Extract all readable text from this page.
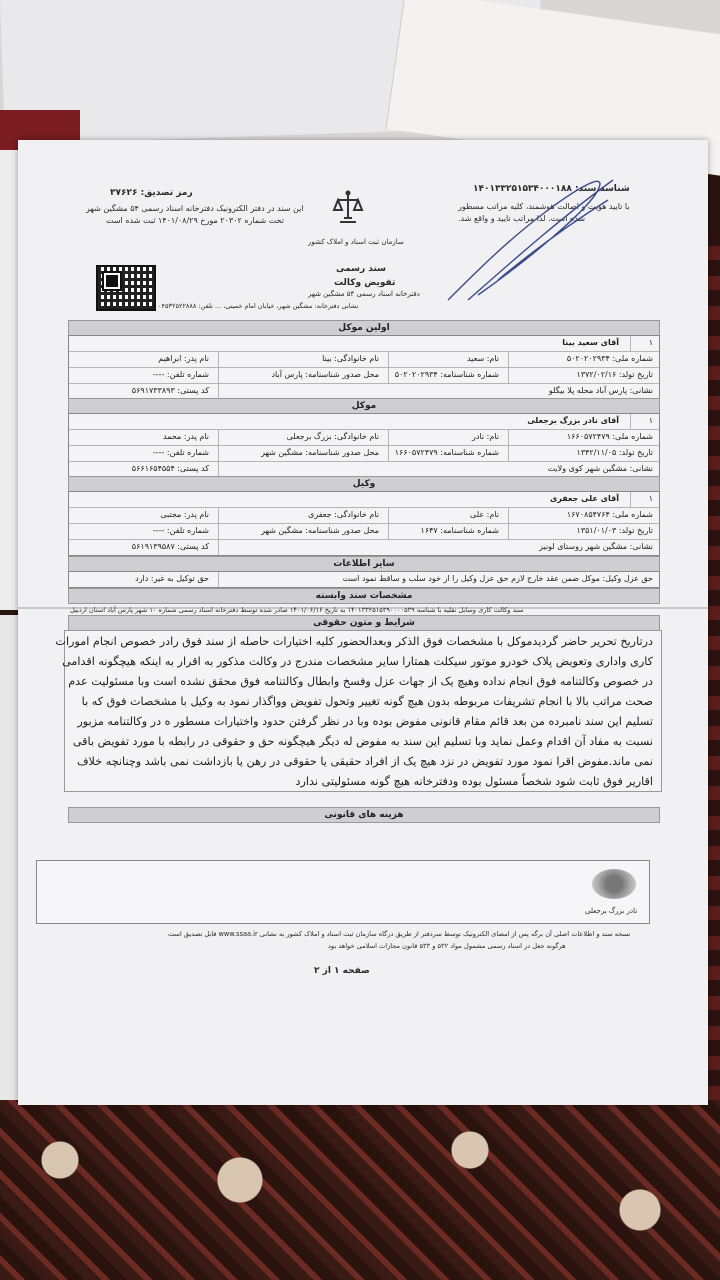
رمز تصدیق: ۳۷۶۲۶
این سند در دفتر الکترونیک دفترخانه اسناد رسمی ۵۴ مشگین شهر
تحت شماره ۲۰۳۰۲ مورخ ۱۴۰۱/۰۸/۲۹ ثبت شده است
شناسه سند: ۱۴۰۱۳۳۲۵۱۵۳۴۰۰۰۱۸۸
با تایید هویت و اصالت هوشمند، کلیه مراتب مسطور
شده است. لذا مراتب تایید و واقع شد.
سازمان ثبت اسناد و املاک کشور
سند رسمی
تفویض وکالت
دفترخانه اسناد رسمی ۵۴ مشگین شهر
نشانی دفترخانه: مشگین شهر، خیابان امام خمینی، ... تلفن: ۰۴۵۳۲۵۲۲۸۸۸
اولین موکل
آقای سعید بینا	۱
شماره ملی: ۵۰۲۰۲۰۲۹۳۴
نام: سعید
نام خانوادگی: بینا
نام پدر: ابراهیم
تاریخ تولد: ۱۳۷۲/۰۲/۱۶
شماره شناسنامه: ۵۰۲۰۲۰۲۹۳۴
محل صدور شناسنامه: پارس آباد
شماره تلفن: ----
نشانی: پارس آباد محله پلا بیگلو
کد پستی: ۵۶۹۱۷۳۳۸۹۳
موکل
آقای نادر بزرگ برجعلی	۱
شماره ملی: ۱۶۶۰۵۷۲۴۷۹
نام: نادر
نام خانوادگی: بزرگ برجعلی
نام پدر: محمد
تاریخ تولد: ۱۳۴۲/۱۱/۰۵
شماره شناسنامه: ۱۶۶۰۵۷۲۴۷۹
محل صدور شناسنامه: مشگین شهر
شماره تلفن: ----
نشانی: مشگین شهر کوی ولایت
کد پستی: ۵۶۶۱۶۵۴۵۵۴
وکیل
آقای علی جعفری	۱
شماره ملی: ۱۶۷۰۸۵۴۷۶۴
نام: علی
نام خانوادگی: جعفری
نام پدر: مجتبی
تاریخ تولد: ۱۳۵۱/۰۱/۰۳
شماره شناسنامه: ۱۶۴۷
محل صدور شناسنامه: مشگین شهر
شماره تلفن: ----
نشانی: مشگین شهر روستای لونیز
کد پستی: ۵۶۱۹۱۳۹۵۸۷
سایر اطلاعات
حق عزل وکیل: موکل ضمن عقد خارج لازم حق عزل وکیل را از خود سلب و ساقط نمود است
حق توکیل به غیر: دارد
مشخصات سند وابسته
سند وکالت کاری وسایل نقلیه با شناسه ۱۴۰۱۳۳۲۵۱۵۳۹۰۰۰۰۵۳۹ به تاریخ ۱۴۰۱/۰۶/۱۶ صادر شده توسط دفترخانه اسناد رسمی شماره ۱۰ شهر پارس آباد استان اردبیل
شرایط و متون حقوقی
درتاریخ تحریر حاضر گردیدموکل با مشخصات فوق الذکر وبعدالحضور کلیه اختیارات حاصله از سند فوق رادر خصوص انجام امورات
کاری واداری وتعویض پلاک خودرو موتور سیکلت همتارا سایر مشخصات مندرج در وکالت مذکور به اقرار به اینکه هیچگونه اقدامی
در خصوص وکالتنامه فوق انجام نداده وهیچ یک از جهات عزل وفسخ وابطال وکالتنامه فوق محقق نشده است وبا مسئولیت عدم
صحت مراتب بالا با انجام تشریفات مربوطه بدون هیچ گونه تغییر وتحول تفویض وواگذار نمود به وکیل با مشخصات فوق که با
تسلیم این سند نامبرده من بعد قائم مقام قانونی مفوض بوده وبا در نظر گرفتن حدود واختیارات مسطور ه در وکالتنامه مزبور
نسبت به مفاد آن اقدام وعمل نماید وبا تسلیم این سند به مفوض له دیگر هیچگونه حق و حقوقی در رابطه با مورد تفویض باقی
نمی ماند.مفوض اقرا نمود مورد تفویض در نزد هیچ یک از افراد حقیقی یا حقوقی در رهن یا بازداشت نمی باشد وچنانچه خلاف
اقاریر فوق ثابت شود شخصاً مسئول بوده ودفترخانه هیچ گونه مسئولیتی ندارد
هزینه های قانونی
نادر بزرگ برجعلی
نسخه سند و اطلاعات اصلی آن برگه پس از امضای الکترونیک توسط سردفتر از طریق درگاه سازمان ثبت اسناد و املاک کشور به نشانی www.ssaa.ir قابل تصدیق است
هرگونه جعل در اسناد رسمی مشمول مواد ۵۳۲ و ۵۳۳ قانون مجازات اسلامی خواهد بود
صفحه ۱ از ۲
